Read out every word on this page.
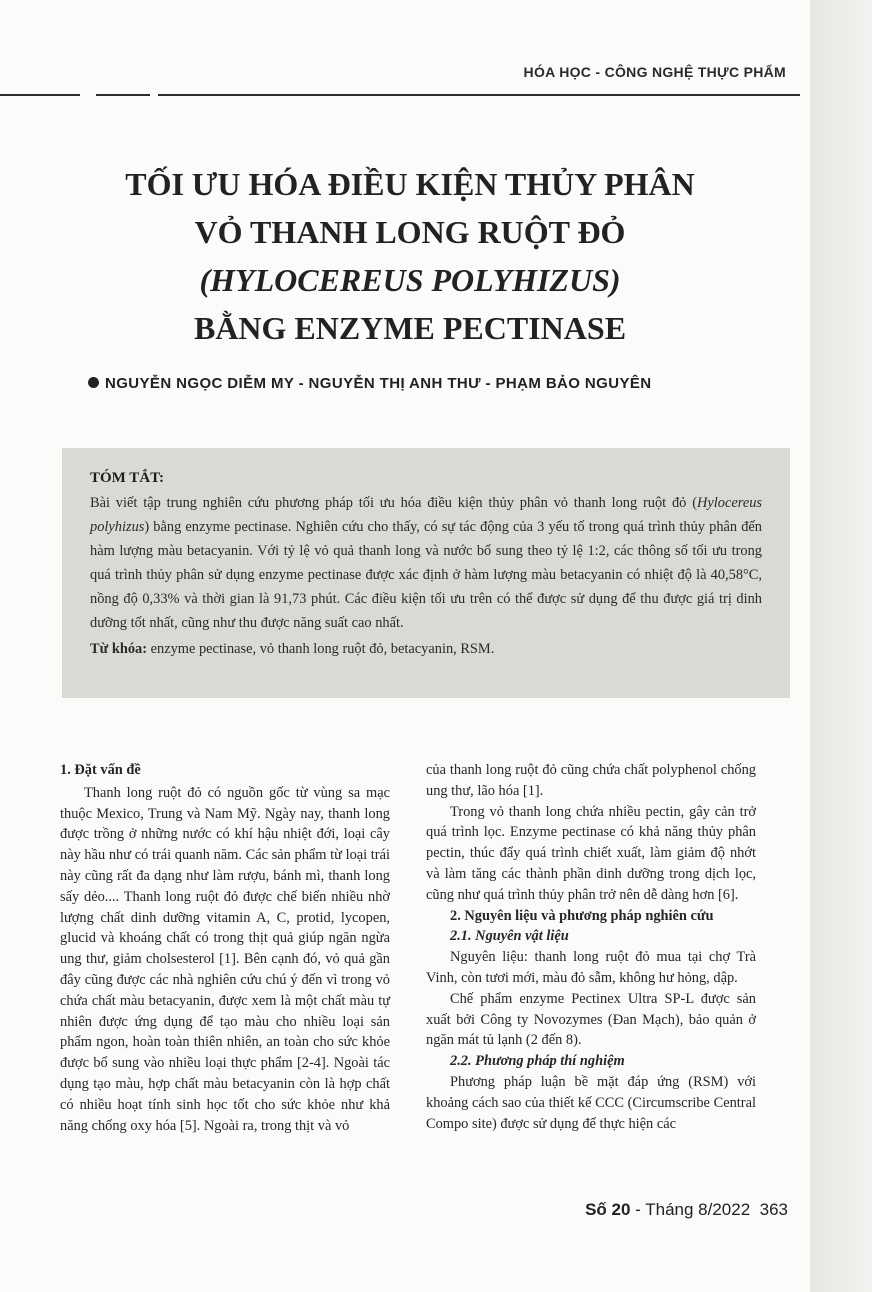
HÓA HỌC - CÔNG NGHỆ THỰC PHẨM
TỐI ƯU HÓA ĐIỀU KIỆN THỦY PHÂN
VỎ THANH LONG RUỘT ĐỎ
(HYLOCEREUS POLYHIZUS)
BẰNG ENZYME PECTINASE
NGUYỄN NGỌC DIỄM MY - NGUYỄN THỊ ANH THƯ - PHẠM BẢO NGUYÊN
TÓM TẮT:

Bài viết tập trung nghiên cứu phương pháp tối ưu hóa điều kiện thủy phân vỏ thanh long ruột đỏ (Hylocereus polyhizus) bằng enzyme pectinase. Nghiên cứu cho thấy, có sự tác động của 3 yếu tố trong quá trình thủy phân đến hàm lượng màu betacyanin. Với tỷ lệ vỏ quả thanh long và nước bổ sung theo tỷ lệ 1:2, các thông số tối ưu trong quá trình thủy phân sử dụng enzyme pectinase được xác định ở hàm lượng màu betacyanin có nhiệt độ là 40,58°C, nồng độ 0,33% và thời gian là 91,73 phút. Các điều kiện tối ưu trên có thể được sử dụng để thu được giá trị dinh dưỡng tốt nhất, cũng như thu được năng suất cao nhất.

Từ khóa: enzyme pectinase, vỏ thanh long ruột đỏ, betacyanin, RSM.

1. Đặt vấn đề

Thanh long ruột đỏ có nguồn gốc từ vùng sa mạc thuộc Mexico, Trung và Nam Mỹ. Ngày nay, thanh long được trồng ở những nước có khí hậu nhiệt đới, loại cây này hầu như có trái quanh năm. Các sản phẩm từ loại trái này cũng rất đa dạng như làm rượu, bánh mì, thanh long sấy dẻo.... Thanh long ruột đỏ được chế biến nhiều nhờ lượng chất dinh dưỡng vitamin A, C, protid, lycopen, glucid và khoáng chất có trong thịt quả giúp ngăn ngừa ung thư, giảm cholsesterol [1]. Bên cạnh đó, vỏ quả gần đây cũng được các nhà nghiên cứu chú ý đến vì trong vỏ chứa chất màu betacyanin, được xem là một chất màu tự nhiên được ứng dụng để tạo màu cho nhiều loại sản phẩm ngon, hoàn toàn thiên nhiên, an toàn cho sức khỏe được bổ sung vào nhiều loại thực phẩm [2-4]. Ngoài tác dụng tạo màu, hợp chất màu betacyanin còn là hợp chất có nhiều hoạt tính sinh học tốt cho sức khỏe như khả năng chống oxy hóa [5]. Ngoài ra, trong thịt và vỏ

của thanh long ruột đỏ cũng chứa chất polyphenol chống ung thư, lão hóa [1].

Trong vỏ thanh long chứa nhiều pectin, gây cản trở quá trình lọc. Enzyme pectinase có khả năng thủy phân pectin, thúc đẩy quá trình chiết xuất, làm giảm độ nhớt và làm tăng các thành phần dinh dưỡng trong dịch lọc, cũng như quá trình thủy phân trở nên dễ dàng hơn [6].

2. Nguyên liệu và phương pháp nghiên cứu

2.1. Nguyên vật liệu

Nguyên liệu: thanh long ruột đỏ mua tại chợ Trà Vinh, còn tươi mới, màu đỏ sẫm, không hư hỏng, dập.

Chế phẩm enzyme Pectinex Ultra SP-L được sản xuất bởi Công ty Novozymes (Đan Mạch), bảo quản ở ngăn mát tủ lạnh (2 đến 8).

2.2. Phương pháp thí nghiệm

Phương pháp luận bề mặt đáp ứng (RSM) với khoảng cách sao của thiết kế CCC (Circumscribe Central Compo site) được sử dụng để thực hiện các

Số 20 - Tháng 8/2022 363
